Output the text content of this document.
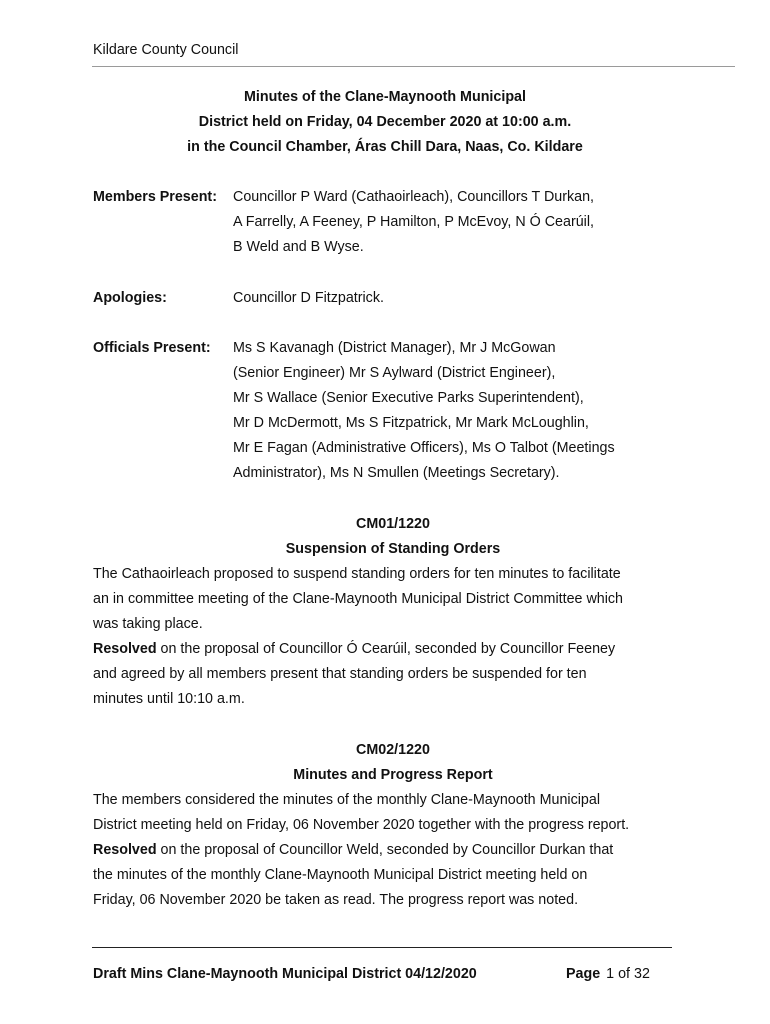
Kildare County Council
Minutes of the Clane-Maynooth Municipal
District held on Friday, 04 December 2020 at 10:00 a.m.
in the Council Chamber, Áras Chill Dara, Naas, Co. Kildare
Members Present: Councillor P Ward (Cathaoirleach), Councillors T Durkan,
A Farrelly, A Feeney, P Hamilton, P McEvoy, N Ó Cearúil,
B Weld and B Wyse.
Apologies:	Councillor D Fitzpatrick.
Officials Present: Ms S Kavanagh (District Manager), Mr J McGowan
(Senior Engineer) Mr S Aylward (District Engineer),
Mr S Wallace (Senior Executive Parks Superintendent),
Mr D McDermott, Ms S Fitzpatrick, Mr Mark McLoughlin,
Mr E Fagan (Administrative Officers), Ms O Talbot (Meetings
Administrator), Ms N Smullen (Meetings Secretary).
CM01/1220
Suspension of Standing Orders
The Cathaoirleach proposed to suspend standing orders for ten minutes to facilitate
an in committee meeting of the Clane-Maynooth Municipal District Committee which
was taking place.
Resolved on the proposal of Councillor Ó Cearúil, seconded by Councillor Feeney
and agreed by all members present that standing orders be suspended for ten
minutes until 10:10 a.m.
CM02/1220
Minutes and Progress Report
The members considered the minutes of the monthly Clane-Maynooth Municipal
District meeting held on Friday, 06 November 2020 together with the progress report.
Resolved on the proposal of Councillor Weld, seconded by Councillor Durkan that
the minutes of the monthly Clane-Maynooth Municipal District meeting held on
Friday, 06 November 2020 be taken as read. The progress report was noted.
Draft Mins Clane-Maynooth Municipal District 04/12/2020	Page 1 of 32
